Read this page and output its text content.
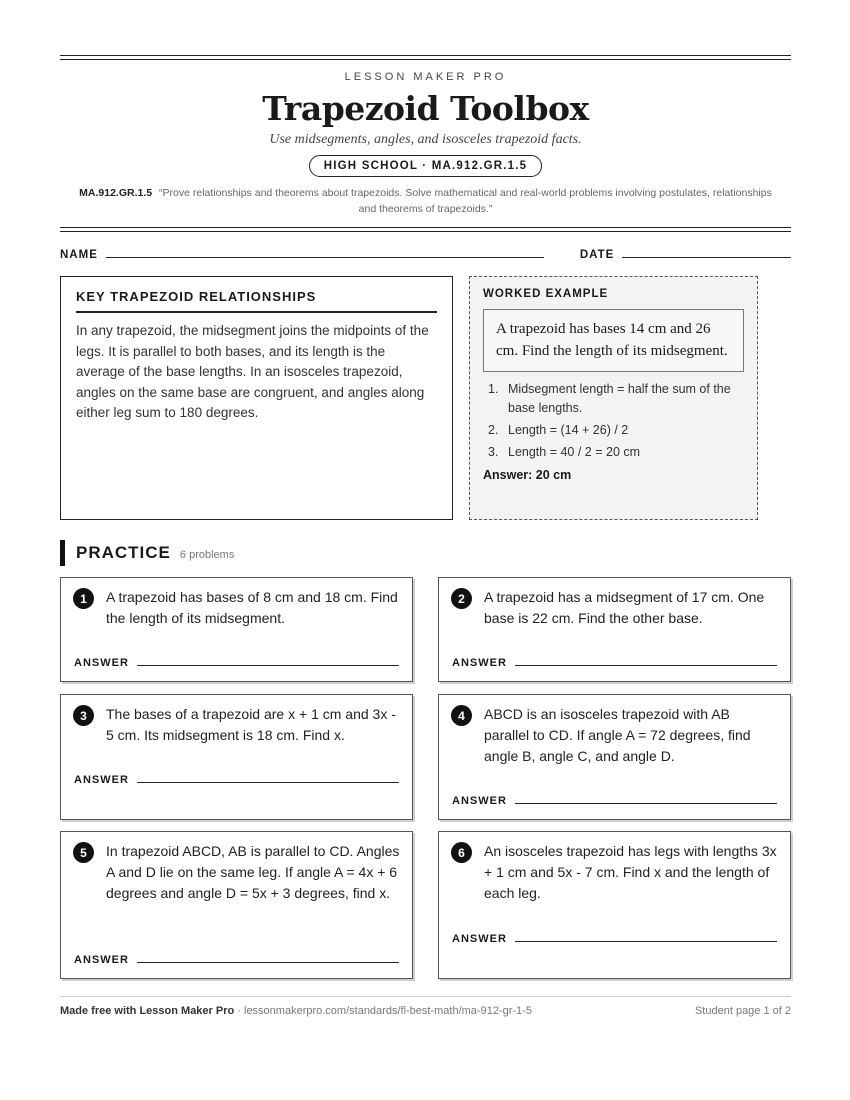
LESSON MAKER PRO
Trapezoid Toolbox
Use midsegments, angles, and isosceles trapezoid facts.
HIGH SCHOOL · MA.912.GR.1.5
MA.912.GR.1.5 “Prove relationships and theorems about trapezoids. Solve mathematical and real-world problems involving postulates, relationships and theorems of trapezoids.”
NAME	DATE
KEY TRAPEZOID RELATIONSHIPS
In any trapezoid, the midsegment joins the midpoints of the legs. It is parallel to both bases, and its length is the average of the base lengths. In an isosceles trapezoid, angles on the same base are congruent, and angles along either leg sum to 180 degrees.
WORKED EXAMPLE
A trapezoid has bases 14 cm and 26 cm. Find the length of its midsegment.
1. Midsegment length = half the sum of the base lengths.
2. Length = (14 + 26) / 2
3. Length = 40 / 2 = 20 cm
Answer: 20 cm
PRACTICE 6 problems
1	A trapezoid has bases of 8 cm and 18 cm. Find the length of its midsegment.
ANSWER
2	A trapezoid has a midsegment of 17 cm. One base is 22 cm. Find the other base.
ANSWER
3	The bases of a trapezoid are x + 1 cm and 3x - 5 cm. Its midsegment is 18 cm. Find x.
ANSWER
4	ABCD is an isosceles trapezoid with AB parallel to CD. If angle A = 72 degrees, find angle B, angle C, and angle D.
ANSWER
5	In trapezoid ABCD, AB is parallel to CD. Angles A and D lie on the same leg. If angle A = 4x + 6 degrees and angle D = 5x + 3 degrees, find x.
ANSWER
6	An isosceles trapezoid has legs with lengths 3x + 1 cm and 5x - 7 cm. Find x and the length of each leg.
ANSWER
Made free with Lesson Maker Pro · lessonmakerpro.com/standards/fl-best-math/ma-912-gr-1-5	Student page 1 of 2
